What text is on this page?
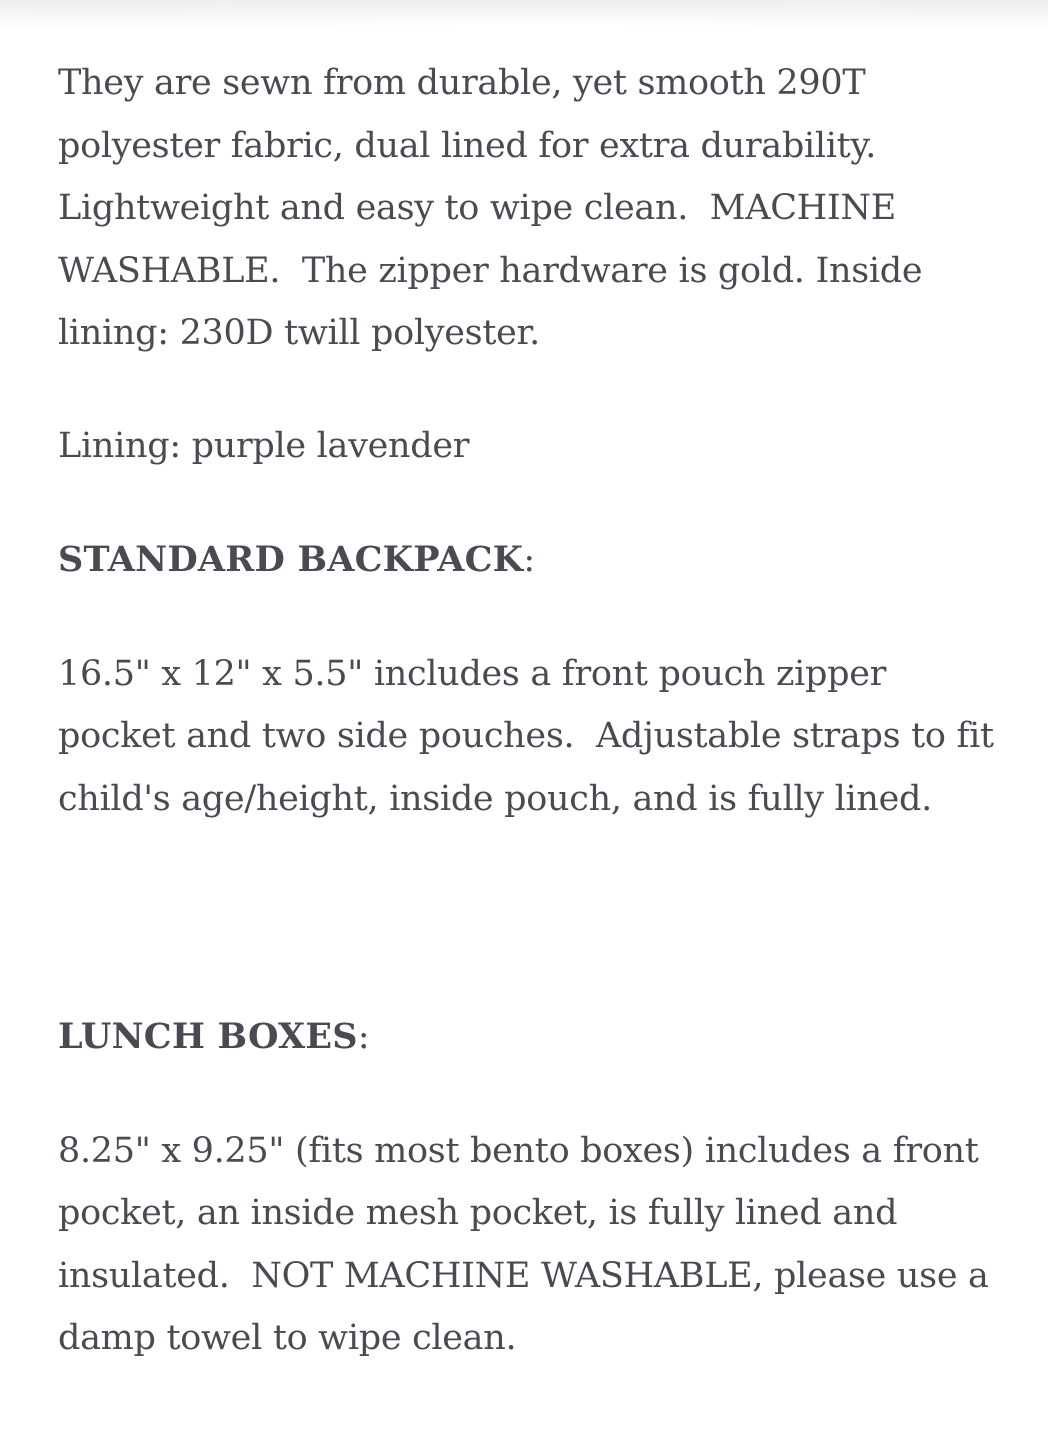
They are sewn from durable, yet smooth 290T polyester fabric, dual lined for extra durability. Lightweight and easy to wipe clean.  MACHINE WASHABLE.  The zipper hardware is gold. Inside lining: 230D twill polyester.

Lining: purple lavender

STANDARD BACKPACK:

16.5" x 12" x 5.5" includes a front pouch zipper pocket and two side pouches.  Adjustable straps to fit child's age/height, inside pouch, and is fully lined.

LUNCH BOXES:

8.25" x 9.25" (fits most bento boxes) includes a front pocket, an inside mesh pocket, is fully lined and insulated.  NOT MACHINE WASHABLE, please use a damp towel to wipe clean.
